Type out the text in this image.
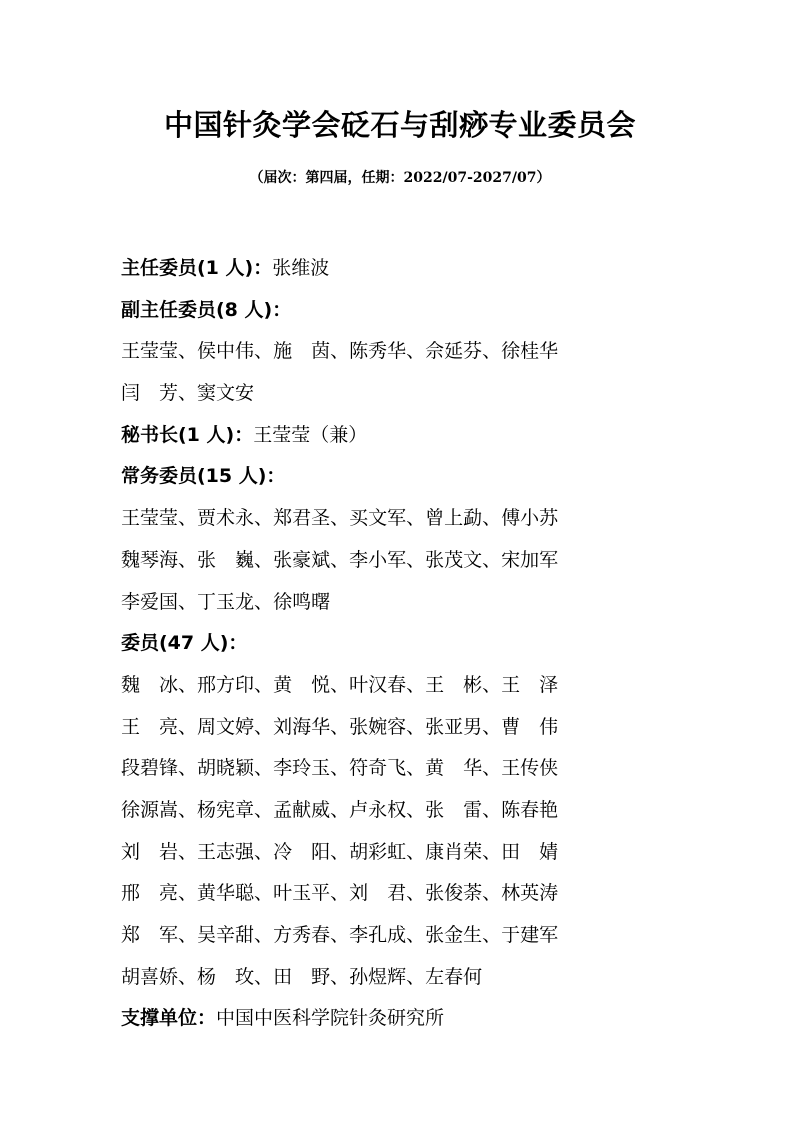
中国针灸学会砭石与刮痧专业委员会
（届次：第四届，任期：2022/07-2027/07）
主任委员(1 人)：张维波
副主任委员(8 人)：
王莹莹 、 侯中伟 、 施　茵 、 陈秀华 、 佘延芬 、 徐桂华
闫　芳 、 窦文安
秘书长(1 人)：王莹莹（兼）
常务委员(15 人)：
王莹莹 、 贾术永 、 郑君圣 、 买文军 、 曾上勐 、 傅小苏
魏琴海 、 张　巍 、 张豪斌 、 李小军 、 张茂文 、 宋加军
李爱国 、 丁玉龙 、 徐鸣曙
委员(47 人)：
魏　冰 、 邢方印 、 黄　悦 、 叶汉春 、 王　彬 、 王　泽
王　亮 、 周文婷 、 刘海华 、 张婉容 、 张亚男 、 曹　伟
段碧锋 、 胡晓颖 、 李玲玉 、 符奇飞 、 黄　华 、 王传侠
徐源嵩 、 杨宪章 、 孟献威 、 卢永权 、 张　雷 、 陈春艳
刘　岩 、 王志强 、 冷　阳 、 胡彩虹 、 康肖荣 、 田　婧
邢　亮 、 黄华聪 、 叶玉平 、 刘　君 、 张俊荼 、 林英涛
郑　军 、 吴辛甜 、 方秀春 、 李孔成 、 张金生 、 于建军
胡喜娇 、 杨　玫 、 田　野 、 孙煜辉 、 左春何
支撑单位：中国中医科学院针灸研究所
